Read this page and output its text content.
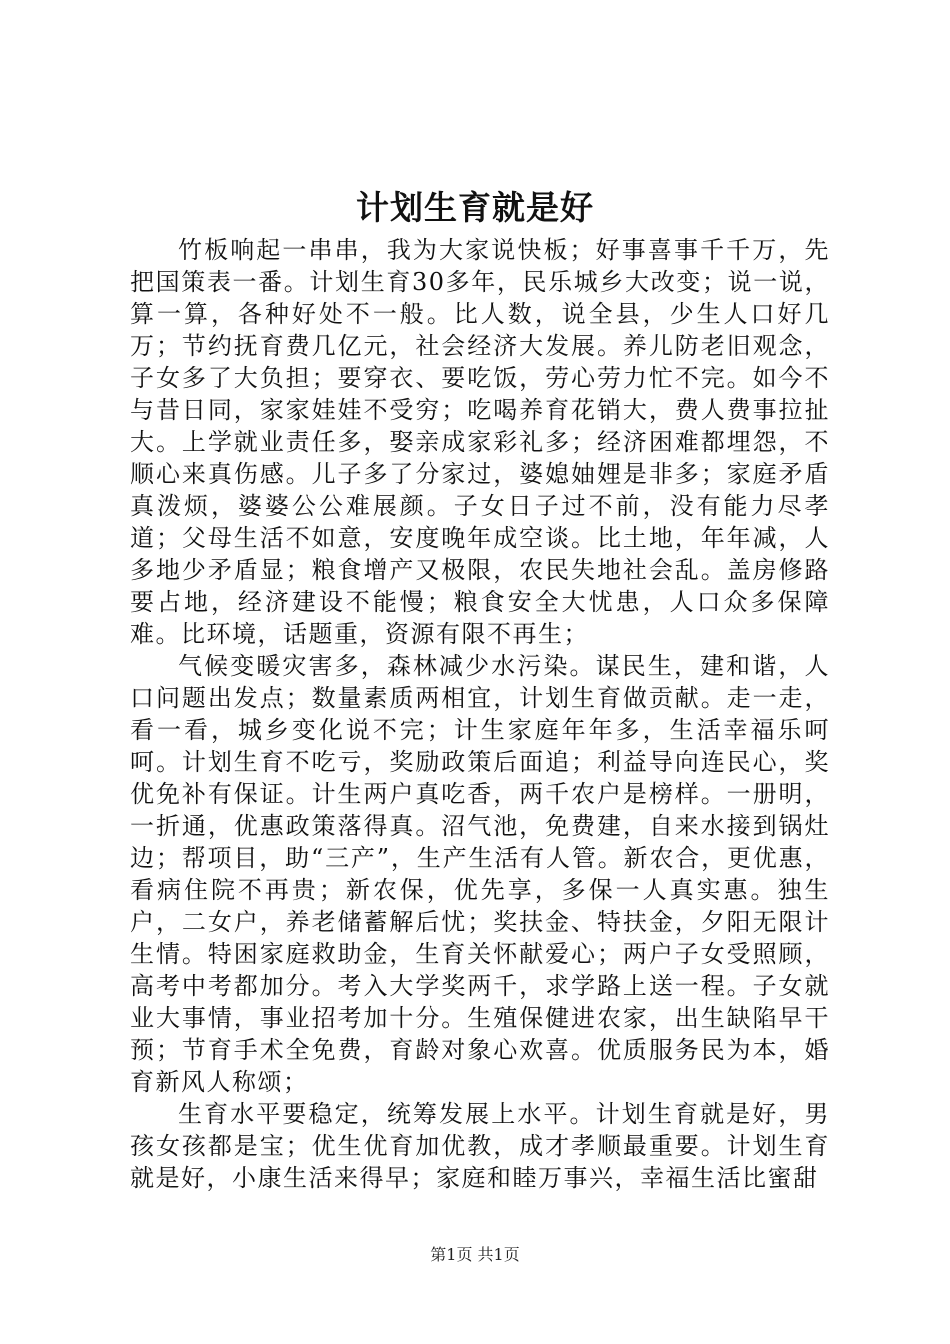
计划生育就是好

竹板响起一串串，我为大家说快板；好事喜事千千万，先把国策表一番。计划生育30多年，民乐城乡大改变；说一说，算一算，各种好处不一般。比人数，说全县，少生人口好几万；节约抚育费几亿元，社会经济大发展。养儿防老旧观念，子女多了大负担；要穿衣、要吃饭，劳心劳力忙不完。如今不与昔日同，家家娃娃不受穷；吃喝养育花销大，费人费事拉扯大。上学就业责任多，娶亲成家彩礼多；经济困难都埋怨，不顺心来真伤感。儿子多了分家过，婆媳妯娌是非多；家庭矛盾真泼烦，婆婆公公难展颜。子女日子过不前，没有能力尽孝道；父母生活不如意，安度晚年成空谈。比土地，年年减，人多地少矛盾显；粮食增产又极限，农民失地社会乱。盖房修路要占地，经济建设不能慢；粮食安全大忧患，人口众多保障难。比环境，话题重，资源有限不再生；

气候变暖灾害多，森林减少水污染。谋民生，建和谐，人口问题出发点；数量素质两相宜，计划生育做贡献。走一走，看一看，城乡变化说不完；计生家庭年年多，生活幸福乐呵呵。计划生育不吃亏，奖励政策后面追；利益导向连民心，奖优免补有保证。计生两户真吃香，两千农户是榜样。一册明，一折通，优惠政策落得真。沼气池，免费建，自来水接到锅灶边；帮项目，助“三产”，生产生活有人管。新农合，更优惠，看病住院不再贵；新农保，优先享，多保一人真实惠。独生户，二女户，养老储蓄解后忧；奖扶金、特扶金，夕阳无限计生情。特困家庭救助金，生育关怀献爱心；两户子女受照顾，高考中考都加分。考入大学奖两千，求学路上送一程。子女就业大事情，事业招考加十分。生殖保健进农家，出生缺陷早干预；节育手术全免费，育龄对象心欢喜。优质服务民为本，婚育新风人称颂；

生育水平要稳定，统筹发展上水平。计划生育就是好，男孩女孩都是宝；优生优育加优教，成才孝顺最重要。计划生育就是好，小康生活来得早；家庭和睦万事兴，幸福生活比蜜甜

第1页 共1页
